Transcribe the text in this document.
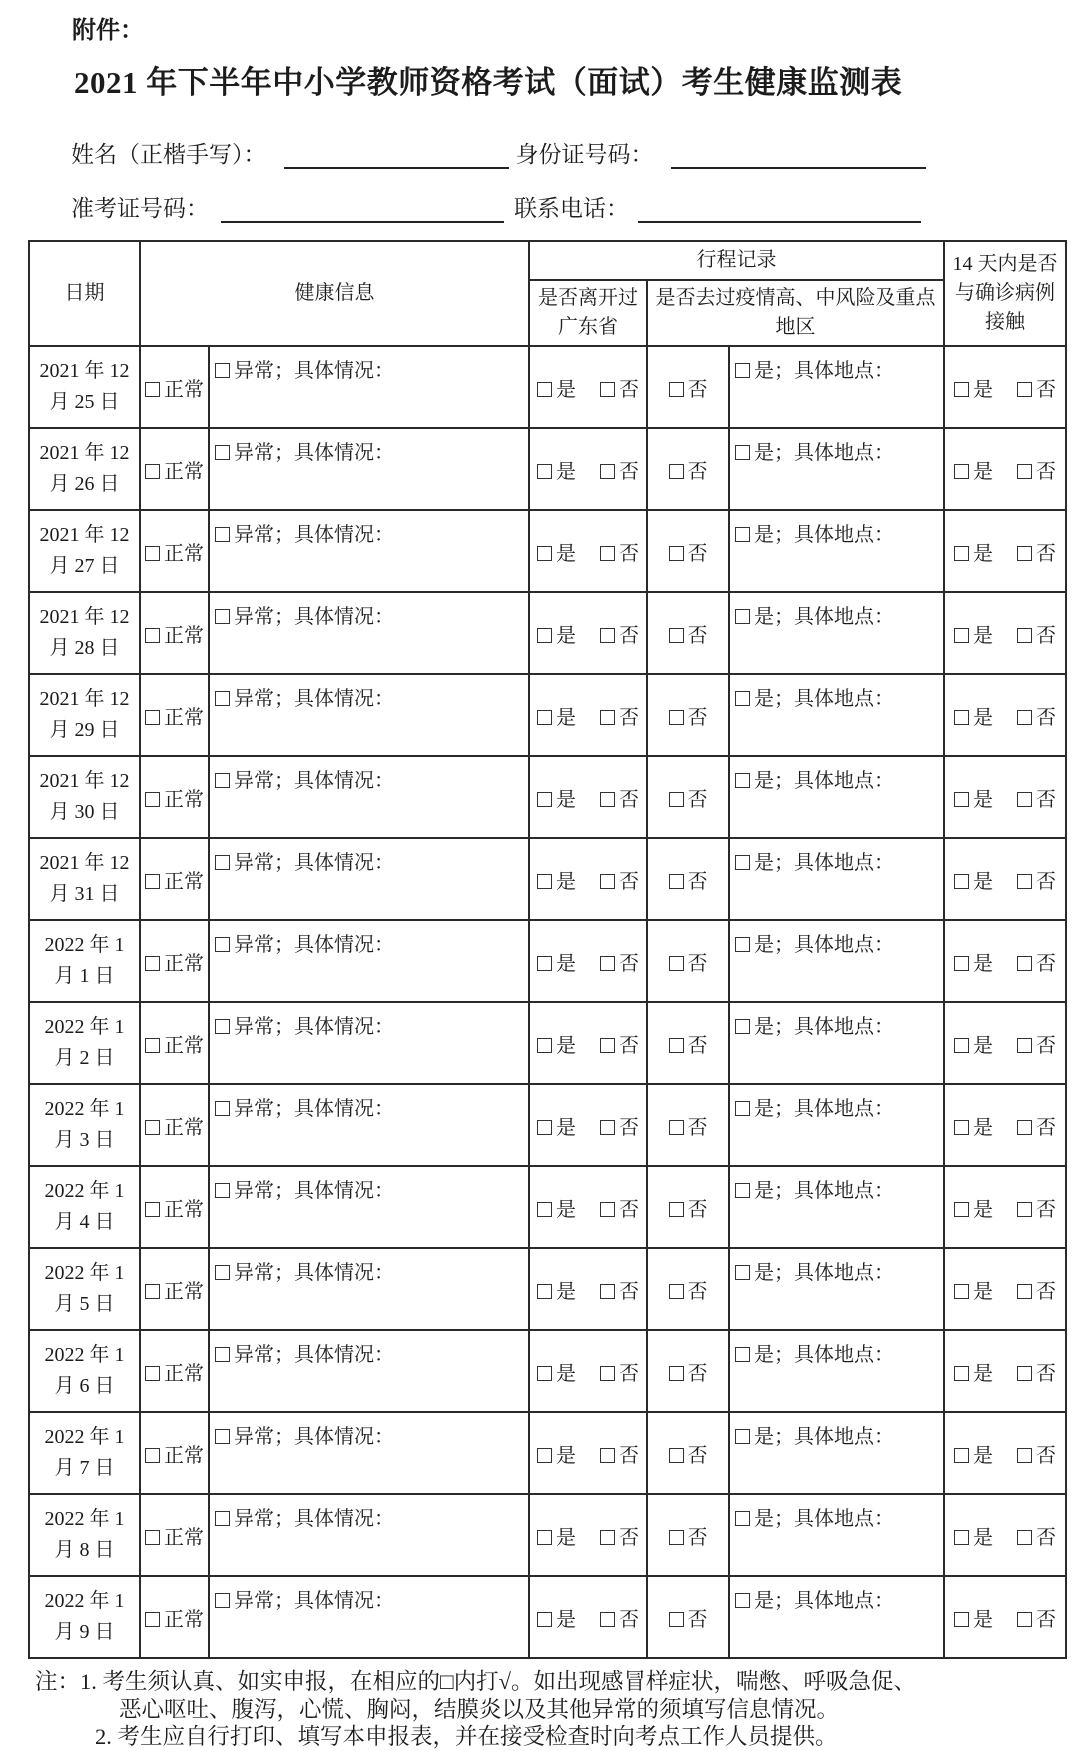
附件：
2021 年下半年中小学教师资格考试（面试）考生健康监测表
姓名（正楷手写）：	身份证号码：
准考证号码：	联系电话：
日期	健康信息		行程记录			14 天内是否与确诊病例接触
			是否离开过广东省	是否去过疫情高、中风险及重点地区		
2021 年 12 月 25 日	正常	异常；具体情况：	是 否	否	是；具体地点：	是 否
2021 年 12 月 26 日	正常	异常；具体情况：	是 否	否	是；具体地点：	是 否
2021 年 12 月 27 日	正常	异常；具体情况：	是 否	否	是；具体地点：	是 否
2021 年 12 月 28 日	正常	异常；具体情况：	是 否	否	是；具体地点：	是 否
2021 年 12 月 29 日	正常	异常；具体情况：	是 否	否	是；具体地点：	是 否
2021 年 12 月 30 日	正常	异常；具体情况：	是 否	否	是；具体地点：	是 否
2021 年 12 月 31 日	正常	异常；具体情况：	是 否	否	是；具体地点：	是 否
2022 年 1 月 1 日	正常	异常；具体情况：	是 否	否	是；具体地点：	是 否
2022 年 1 月 2 日	正常	异常；具体情况：	是 否	否	是；具体地点：	是 否
2022 年 1 月 3 日	正常	异常；具体情况：	是 否	否	是；具体地点：	是 否
2022 年 1 月 4 日	正常	异常；具体情况：	是 否	否	是；具体地点：	是 否
2022 年 1 月 5 日	正常	异常；具体情况：	是 否	否	是；具体地点：	是 否
2022 年 1 月 6 日	正常	异常；具体情况：	是 否	否	是；具体地点：	是 否
2022 年 1 月 7 日	正常	异常；具体情况：	是 否	否	是；具体地点：	是 否
2022 年 1 月 8 日	正常	异常；具体情况：	是 否	否	是；具体地点：	是 否
2022 年 1 月 9 日	正常	异常；具体情况：	是 否	否	是；具体地点：	是 否
注：1. 考生须认真、如实申报，在相应的□内打√。如出现感冒样症状，喘憋、呼吸急促、
恶心呕吐、腹泻，心慌、胸闷，结膜炎以及其他异常的须填写信息情况。
2. 考生应自行打印、填写本申报表，并在接受检查时向考点工作人员提供。
